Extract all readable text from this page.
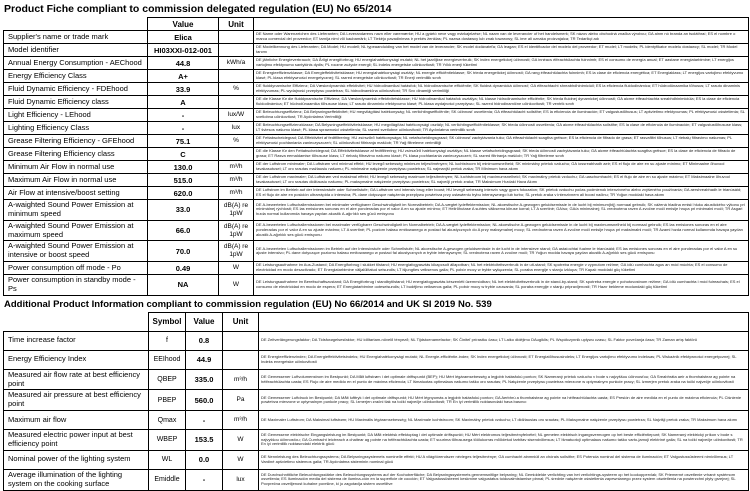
Product Fiche compliant to commission delegated regulation (EU) No 65/2014
	Value	Unit	
Supplier's name or trade mark	Elica		DE Name oder Warenzeichen des Lieferanten; DA Leverandørens navn eller varemærke; HU a gyártó neve vagy márkajelzése; NL naam van de leverancier of het handelsmerk; SK názov alebo obchodná značka výrobcu; GA ainm nó branda an tsoláthraí; ES el nombre o marca comercial del proveedor; ET tarnija nimi või kaubamärk; LT Tiekėjo pavadinimas ir prekės ženklas; PL nazwa dostawcy lub znak towarowy; SL ime ali oznaka proizvajalca; TR Tedarikçi adı
Model identifier	HI03XXI-012-001		DE Modellkennung des Lieferanten; DA Model; HU modell; NL typeaanduiding van het model van de leverancier; SK model dodávateľa; GA leagan; ES el identificador del modelo del proveedor; ET mudel; LT modelis; PL identyfikator modelu dostawcy; SL model; TR Model tanımı
Annual Energy Consumption - AEChood	44.8	kWh/a	DE jährliche Energieverbrauch; DA Årligt energiforbrug; HU energiahatékonysági mutató; NL het jaarlijkse energieverbruik; SK index energetickej účinnosti; GA innéacs éifeachtúlachta fuinnimh; ES el consumo de energía anual; ET aastane energiatarbimine; LT energijos vartojimo efektyvumo santykinis dydis; PL roczne zużycie energii; SL indeks energetske učinkovitosti; TR Yıllık enerji tüketimi
Energy Efficiency Class	A+		DE Energieeffizienzklasse; DA Energieffektivitetsklasse; HU energiahatékonysági osztály; NL energie efficiëntieklasse; SK trieda energetickej účinnosti; GA rang éifeachtúlachta fuinnimh; ES la clase de eficiencia energética; ET Energiaklass; LT energijos vartojimo efektyvumo klasė; PL klasa efektywności energetycznej; SL razred energetske učinkovitosti; TR Enerji verimlilik sınıfı
Fluid Dynamic Efficiency - FDEhood	33.9	%	DE fluiddynamische Effizienz; DA Væskedynamisk effektivitet; HU hidrodinamikai hatásfok; NL hidrodinamische efficiëntie; SK fluidná dynamická účinnosť; GA éifeachtacht shreabhdhinimiciúil; ES la eficiencia fluidodinámica; ET hüdrodünaamika tõhusus; LT srauto dinaminis efektyvumas; PL wydajność przepływu powietrza; SL hidrodinamična učinkovitost; TR Sıvı dinamiği verimliliği
Fluid Dynamic Efficiency class	A		DE die Klasse für die fluiddynamische Effizienz; DA Væskedynamisk effektivitetsklasse; HU hidrodinamikai hatásfok osztálya; NL klasse hidrodinamische efficiëntie; SK trieda fluidnej dynamickej účinnosti; GA aicme éifeachtachta sreabhdhinimiciúla; ES la clase de eficiencia fluidodinámica; ET hüdrodünaamika tõhususe klass; LT srauto dinaminio efektyvumo klasė; PL klasa wydajności przepływu; SL razred hidrodinamične učinkovitosti; TR ventrik sınıfı
Light Efficiency - LEhood	-	lux/W	DE Beleuchtungseffizienz; DA Belysningseffektivitet; HU megvilágítási hatékonyság; NL verlichtingsefficiëntie; SK účinnosť osvetlenia; GA éifeachtúlacht soilsithe; ES la eficiencia de iluminación; ET valgustustõhusus; LT apšvietimo efektyvumas; PL efektywność oświetlenia; SL svetlobna učinkovitost; TR Aydınlatma Verimliliği
Lighting Efficiency Class	-	lux	DE Beleuchtungseffizienzklasse; DA Belysningseffektivitetsklasse; HU megvilágítási hatékonysági osztály; NL verlichtingsefficiëntieklasse; SK trieda účinnosti osvetlenia; GA aicme éifeachtúlachta soilsithe; ES la clase de eficiencia de iluminación; ET valgustustõhususe klass; LT šviesos našumo klasė; PL klasa sprawności oświetlenia; SL razred svetlobne učinkovitosti; TR Aydınlatma verimlilik sınıfı
Grease Filtering Efficiency - GFEhood	75.1	%	DE Fettabscheidegrad; DA Effektivitet af fedtfiltrering; HU zsírszűrő hatékonysága; NL vetafscheidingsgraad; SK účinnosť zachytávania tuku; GA éifeachtúlacht scagtha gréisce; ES la eficiencia de filtrado de grasa; ET rasvafiltri tõhusus; LT riebalų filtravimo našumas; PL efektywność pochłaniania zanieczyszczeń; SL učinkovitost filtriranja maščob; TR Yağ filtreleme verimliliği
Grease Filtering Efficiency class	C		DE die Klasse für den Fettabscheidegrad; DA Effektivitetsklasse af fedtfiltrering; HU zsírszűrő hatékonysági osztálya; NL klasse vetafscheidingsgraad; SK trieda účinnosti zachytávania tuku; GA aicme éifeachtúlachta scagtha gréisce; ES la clase de eficiencia de filtrado de grasa; ET Rasva eemaldamise tõhususe klass; LT riebalų filtravimo našumo klasė; PL klasa pochłaniania zanieczyszczeń; SL razred filtriranja maščob; TR Yağ filtreleme sınıfı
Minimum Air Flow in normal use	130.0	m³/h	DE der Luftstrom minimaler; DA Luftstrøm ved minimal effekt; HU levegő sebesség minimum teljesítményen; NL luchtstroom bij minimumsnelheid; SK minimálny prietok vzduchu; GA íossreabhadh aeir; ES el flujo de aire en su ajuste mínimo; ET Minimaalne õhuvool tavakasutusel; LT oro srautas mažiausiu našumu; PL minimalne natężenie przepływu powietrza; SL najmanjši pretok zraka; TR Minimum hava akımı
Maximum Air Flow in normal use	515.0	m³/h	DE der Luftstrom maximaler; DA Luftstrøm ved maksimal effekt; HU levegő sebesség maximum teljesítményen; NL luchtstroom bij maximumsnelheid; SK maximálny prietok vzduchu; GA uaschumhacht; ES el flujo de aire en su ajuste máximo; ET Maksimaalne õhuvool tavakasutusel; LT oro srautas didžiausiu našumu; PL maksymalne natężenie przepływu powietrza; SL največji pretok zraka; TR Maksimum Hızdaki Hava Akımı
Air Flow at intensive/boost setting	620.0	m³/h	DE Luftstrom im Betrieb auf der Intensivstufe oder Schnellstufe; GA Luftstrom ved intensiv brug eller boost; HU levegő sebesség intenzív vagy gyors fokozaton; SK prietok vzduchu počas podmienok intenzívneho alebo zvýšeného používania; GA aershreabhadh le trianúsáid; ES el flujo de aire en posición ultrarrápida o intensiva; PL dane dotyczące natężenia przepływu powietrza przy ustawieniu trybu intensywnego lub turbo; SL pretok zraka v intenzivnem ali boost načinu; TR Yoğun moddaki hava akımı
A-waighted Sound Power Emission at minimum speed	33.0	dB(A) re 1pW	DE A-bewerteten Luftschallemissionen bei minimaler verfügbarer Geschwindigkeit im Normalbetrieb; DA A-vægtet lydeffektemission; NL akoestische A-gewogen geluidsemissie in de lucht bij minimum(bij) normaal gebruik; SK vážená hladina emisií hluku akustického výkonu pri minimálnej rýchlosti; ES las emisiones sonoras en el aire ponderadas por el valor A en su ajuste mínimo; ET Helirõhutase A suhtes väiksema kiiruse korral; LT A svertinė; GA/so; GA/a minimalnej; SL vrednotena raven A zvočne moči emisije hrupa pri minimalni moči; TR Asgari hızda normal kullanımda havaya yayılan akustik A-ağırlıklı ses gücü emisyonu
A-waighted Sound Power Emission at maximum speed	66.0	dB(A) re 1pW	DE A-bewerteten Luftschallemissionen bei maximaler verfügbarer Geschwindigkeit im Normalbetrieb; DA A-vægtet lydeffektemission; NL akoestische A-gewogen geluidsemissie in de lucht bij maximumsnelheid bij normaal gebruik; ES las emisiones sonoras en el aire ponderadas por el valor A en su ajuste máximo; LT A svertinė; PL poziom hałasu emitowanego w postaci fal akustycznych do A przy maksymalnej mocy; SL vrednotena raven A zvočne moči emisije hrupa pri maksimalni moči; TR Azami hızda normal kullanımda havaya yayılan akustik A-ağırlıklı ses gücü emisyonu
A-waighted Sound Power Emission at intensive or boost speed	70.0	dB(A) re 1pW	DE A-bewerteten Luftschallemissionen im Betrieb auf der Intensivstufe oder Schnellstufe; NL akoestische A-gewogen geluidsemissie in de lucht in de intensieve stand; GA astaíochtaí fuaime le trianúsáid; ES las emisiones sonoras en el aire ponderadas por el valor A en su ajuste intensivo; PL dane dotyczące poziomu hałasu emitowanego w postaci fal akustycznych w trybie intensywnym; SL vrednotena raven A zvočne moči; TR Yoğun modda havaya yayılan akustik A-ağırlıklı ses gücü emisyonu
Power consumption off mode - Po	0.49	W	DE Leistungsaufnahme im Aus-Zustand; DA Energiforbrug i slukket tilstand; HU energiafogyasztás kikapcsolt állapotban; NL het elektriciteitsverbruik in de uit-stand; SK spotreba energie v vypnutom režime; GA ídiú cumhachta agus an mód múchta; ES el consumo de electricidad en modo desactivado; ET Energiatarbimine väljalülitatud seisundis; LT išjungties veiksenos galia; PL pobór mocy w trybie wyłączenia; SL poraba energije v stanju izklopa; TR Kapalı moddaki güç tüketimi
Power consumption in standby mode - Ps	NA	W	DE Leistungsaufnahme im Bereitschaftszustand; DA Energiforbrug i standbytilstand; HU energiafogyasztás készenléti üzemmódban; NL het elektriciteitsverbruik in de stand-by-stand; SK spotreba energie v pohotovostnom režime; GA ídiú cumhachta i mód fuireachais; ES el consumo de electricidad en modo de espera; ET Energiatarbimine ooteseisundis; LT budėjimo veiksenos galia; PL pobór mocy w trybie czuwania; SL poraba energije v stanju pripravljenosti; TR Hazır bekleme modundaki güç tüketimi
Additional Product Information compliant to commission regulation (EU) No 66/2014 and UK SI 2019 No. 539
	Symbol	Value	Unit	
Time increase factor	f	0.8		DE Zeitverlängerungsfaktor; DA Tidsforøgelsesfaktor; HU időtartam-növelő tényező; NL Tijdstoenamefactor; SK Činiteľ prírastku času; LT Laiko didėjimo DAugiklis; PL Współczynnik upływu czasu; SL Faktor povečanja časa; TR Zaman artış faktörü
Energy Efficiency Index	EEIhood	44.9		DE Energieeffizienzindex; DA Energieffektivitetsindeks; HU Energiahatékonysági mutató; NL Energie-efficiëntie-index; SK Index energetickej účinnosti; ET Energiatõhususindeks; LT Energijos vartojimo efektyvumo indeksas; PL Wskaźnik efektywności energetycznej; SL Indeks energetske učinkovitosti
Measured air flow rate at best efficiency point	QBEP	335.0	m³/h	DE Gemessener Luftvolumenstrom im Bestpunkt; DA Målt luftstrøm i det optimale driftspunkt (BEP); HU Mért légáramsebesség a legjobb hatásfokú ponton; SK Nameraný prietok vzduchu v bode s najvyššou účinnosťou; GA Sreabhráta aeir a thomhaistear ag pointe na héifeachtúlachta uasta; ES Flujo de aire medido en el punto de máxima eficiencia; LT Išmatuotas optimalaus našumo taško oro srautas; PL Natężenie przepływu powietrza mierzone w optymalnym punkcie pracy; SL Izmerjen pretok zraka na točki največje učinkovitosti
Measured air pressure at best efficiency point	PBEP	560.0	Pa	DE Gemessener Luftdruck im Bestpunkt; DA Målt lufttryk i det optimale driftspunkt; HU Mért légnyomás a legjobb hatásfokú ponton; GA Aerbhrú a thomhaistear ag pointe na héifeachtúlachta uasta; ES Presión de aire medida en el punto de máxima eficiencia; PL Ciśnienie powietrza mierzone w optymalnym punkcie pracy; SL Izmerjen zračni tlak na točki največje učinkovitosti; TR En iyi verimlilik noktasındaki hava basıncı
Maximum air flow	Qmax	-	m³/h	DE Maximaler Luftstrom; DA Maksimal luftstrøm; HU Maximális légáramsebesség; NL Maximale luchtstroom; SK Maximálny prietok vzduchu; LT didžiausias oro srautas; PL Maksymalne natężenie przepływu powietrza; SL Najvišji pretok zraka; TR Maksimum hava akımı
Measured electric power input at best efficiency point	WBEP	153.5	W	DE Gemessene elektrische Eingangsleistung im Bestpunkt; DA Målt elektrisk effektoptag i det optimale driftspunkt; HU Mért elektromos teljesítményfelvétel; NL gemeten elektrisch ingangsvermogen op het beste efficiëntiepunt; SK Nameraný elektrický príkon v bode s najvyššou účinnosťou; GA Cumhacht leictreach a chaitear ag pointe na héifeachtúlachta uasta; ET suurima tõhususega töölukorras mõõdetud tarbitav sisendvõimsus; LT Išmatuotoji optimalaus našumo taško varto-jamoji elektrinė galia; SL na točki največje učinkovitosti; TR En iyi verimlilik noktasındaki elektrik gücü
Nominal power of the lighting system	WL	0.0	W	DE Nennleistung des Beleuchtungssystems; DA Belysningssystemets nominelle effekt; HU A világítórendszer névleges teljesítménye; GA cumhacht ainmniúil an chórais soilsithe; ES Potencia nominal del sistema de iluminación; ET Valgustussüsteemi nimivõimsus; LT Vardinė apšvietimo sistemos galia; TR Aydınlatma sisteminin nominal gücü
Average illumination of the lighting system on the cooking surface	Emiddle	-	lux	DE Durchschnittliche Beleuchtungsstärke des Beleuchtungssystems auf der Kochoberfläche; DA Belysningssystemets gennemsnitlige belysning; NL Gemiddelde verlichting van het verlichtings-systeem op het kookoppervlak; SK Priemerné osvetlenie vrhané systémom osvetlenia; ES Iluminación media del sistema de ilumina-ción en la superficie de cocción; ET Valgustussüsteemi keskmine valgustatus toiduvalmistamise pinnal; PL średnie natężenie oświetlenia zapewnianego przez system oświetlenia na powierzchni płyty grzejnej; SL Povprečna osvetljenost kuhalne površine, ki jo zagotavlja sistem osvetlitve
